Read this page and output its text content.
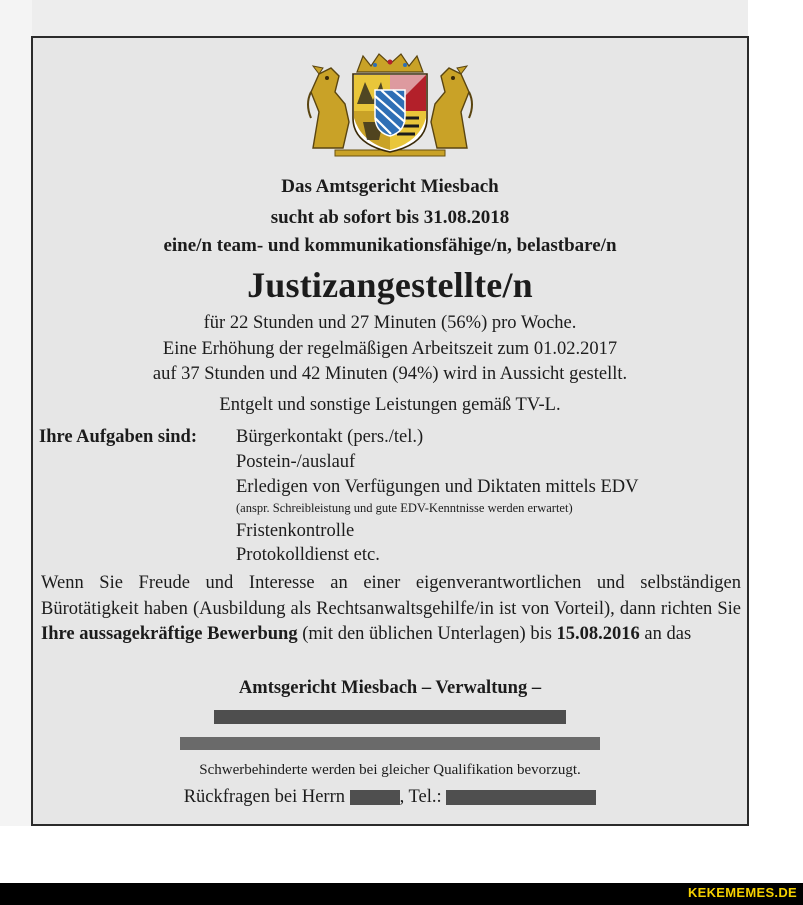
Das Amtsgericht Miesbach
sucht ab sofort bis 31.08.2018
eine/n team- und kommunikationsfähige/n, belastbare/n
Justizangestellte/n
für 22 Stunden und 27 Minuten (56%) pro Woche.
Eine Erhöhung der regelmäßigen Arbeitszeit zum 01.02.2017
auf 37 Stunden und 42 Minuten (94%) wird in Aussicht gestellt.
Entgelt und sonstige Leistungen gemäß TV-L.
Ihre Aufgaben sind: Bürgerkontakt (pers./tel.)
Postein-/auslauf
Erledigen von Verfügungen und Diktaten mittels EDV
(anspr. Schreibleistung und gute EDV-Kenntnisse werden erwartet)
Fristenkontrolle
Protokolldienst etc.
Wenn Sie Freude und Interesse an einer eigenverantwortlichen und selbständigen Bürotätigkeit haben (Ausbildung als Rechtsanwaltsgehilfe/in ist von Vorteil), dann richten Sie Ihre aussagekräftige Bewerbung (mit den üblichen Unterlagen) bis 15.08.2016 an das
Amtsgericht Miesbach – Verwaltung –
Schwerbehinderte werden bei gleicher Qualifikation bevorzugt.
Rückfragen bei Herrn	, Tel.:
KEKEMEMES.DE
